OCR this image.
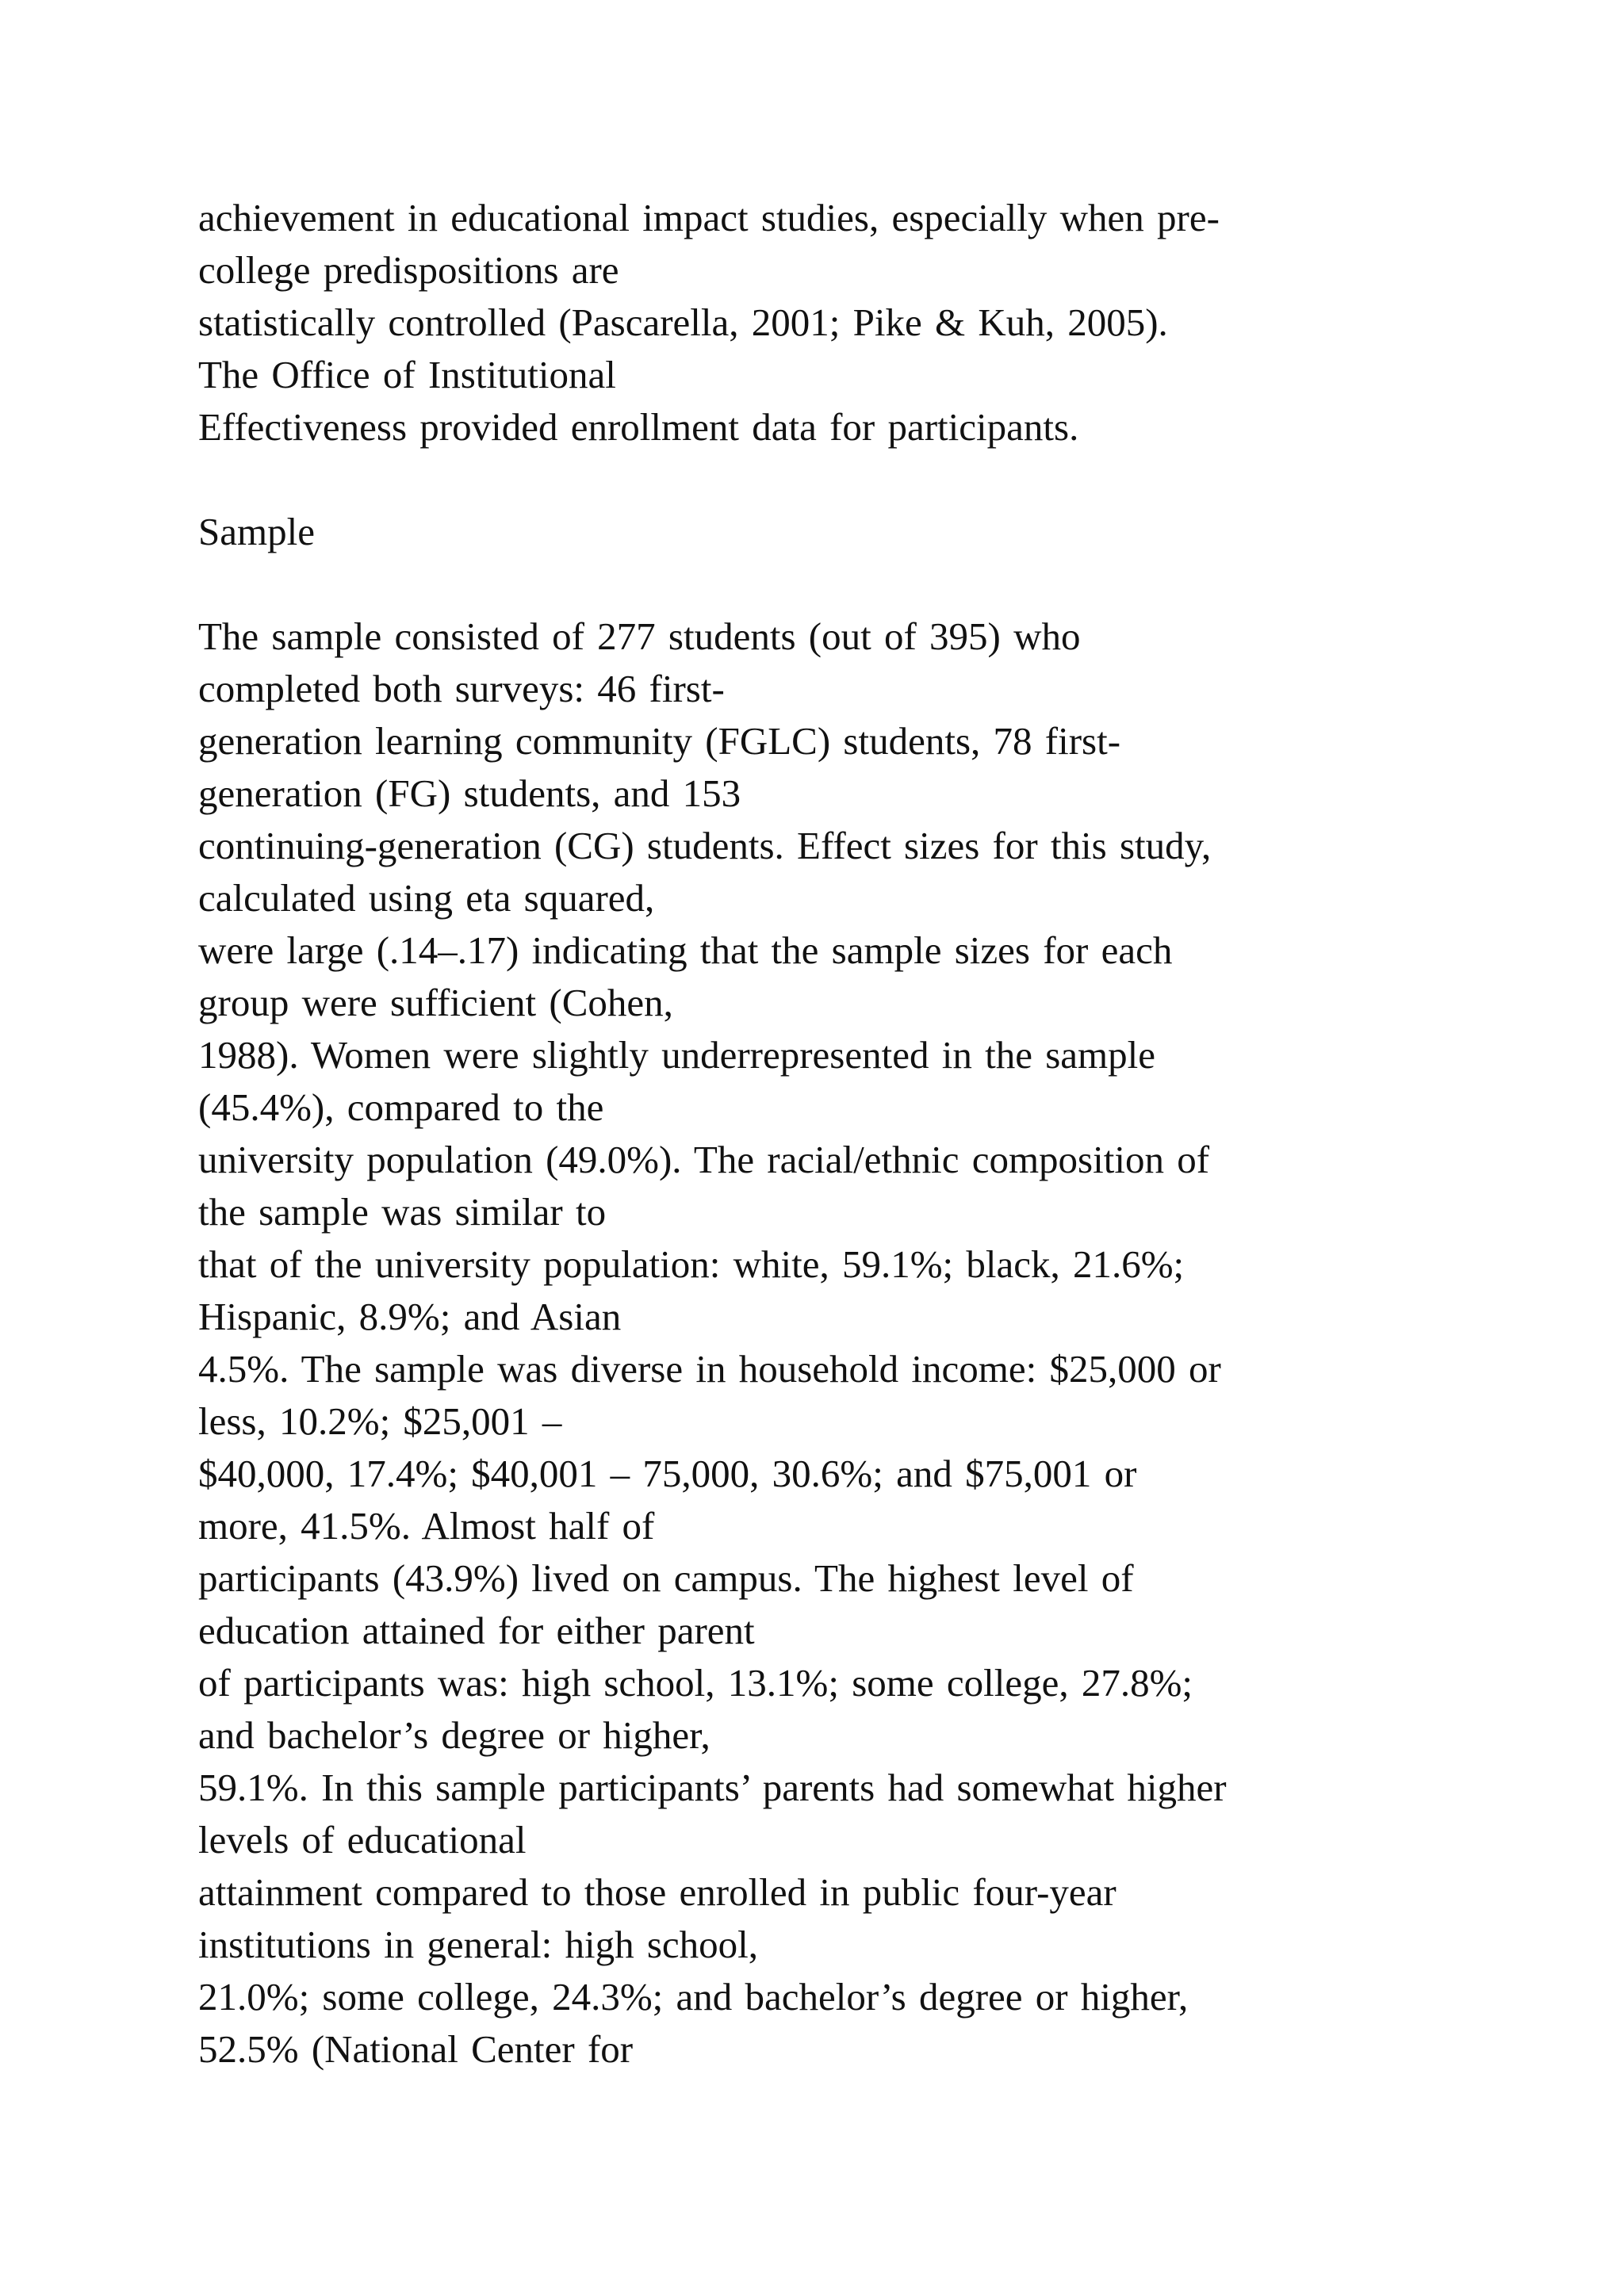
achievement in educational impact studies, especially when pre-
college predispositions are
statistically controlled (Pascarella, 2001; Pike & Kuh, 2005).
The Office of Institutional
Effectiveness provided enrollment data for participants.
Sample
The sample consisted of 277 students (out of 395) who
completed both surveys: 46 first-
generation learning community (FGLC) students, 78 first-
generation (FG) students, and 153
continuing-generation (CG) students. Effect sizes for this study,
calculated using eta squared,
were large (.14–.17) indicating that the sample sizes for each
group were sufficient (Cohen,
1988). Women were slightly underrepresented in the sample
(45.4%), compared to the
university population (49.0%). The racial/ethnic composition of
the sample was similar to
that of the university population: white, 59.1%; black, 21.6%;
Hispanic, 8.9%; and Asian
4.5%. The sample was diverse in household income: $25,000 or
less, 10.2%; $25,001 –
$40,000, 17.4%; $40,001 – 75,000, 30.6%; and $75,001 or
more, 41.5%. Almost half of
participants (43.9%) lived on campus. The highest level of
education attained for either parent
of participants was: high school, 13.1%; some college, 27.8%;
and bachelor’s degree or higher,
59.1%. In this sample participants’ parents had somewhat higher
levels of educational
attainment compared to those enrolled in public four-year
institutions in general: high school,
21.0%; some college, 24.3%; and bachelor’s degree or higher,
52.5% (National Center for
